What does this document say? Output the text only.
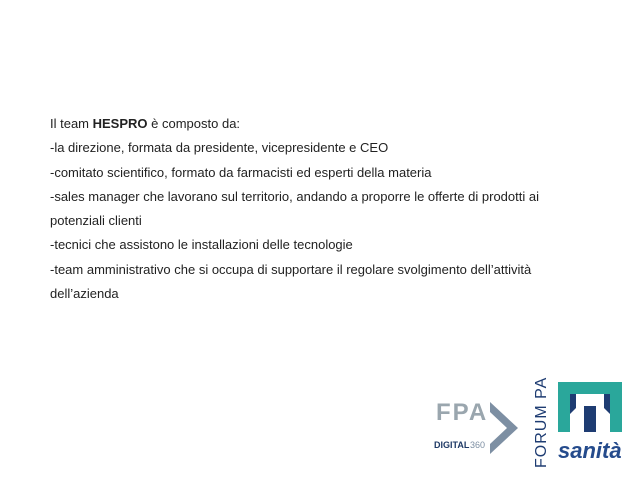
Il team HESPRO è composto da:

-la direzione, formata da presidente, vicepresidente e CEO

-comitato scientifico, formato da farmacisti ed esperti della materia

-sales manager che lavorano sul territorio, andando a proporre le offerte di prodotti ai

potenziali clienti

-tecnici che assistono le installazioni delle tecnologie

-team amministrativo che si occupa di supportare il regolare svolgimento dell’attività

dell’azienda

FPA
DIGITAL 360	FORUM PA sanità
